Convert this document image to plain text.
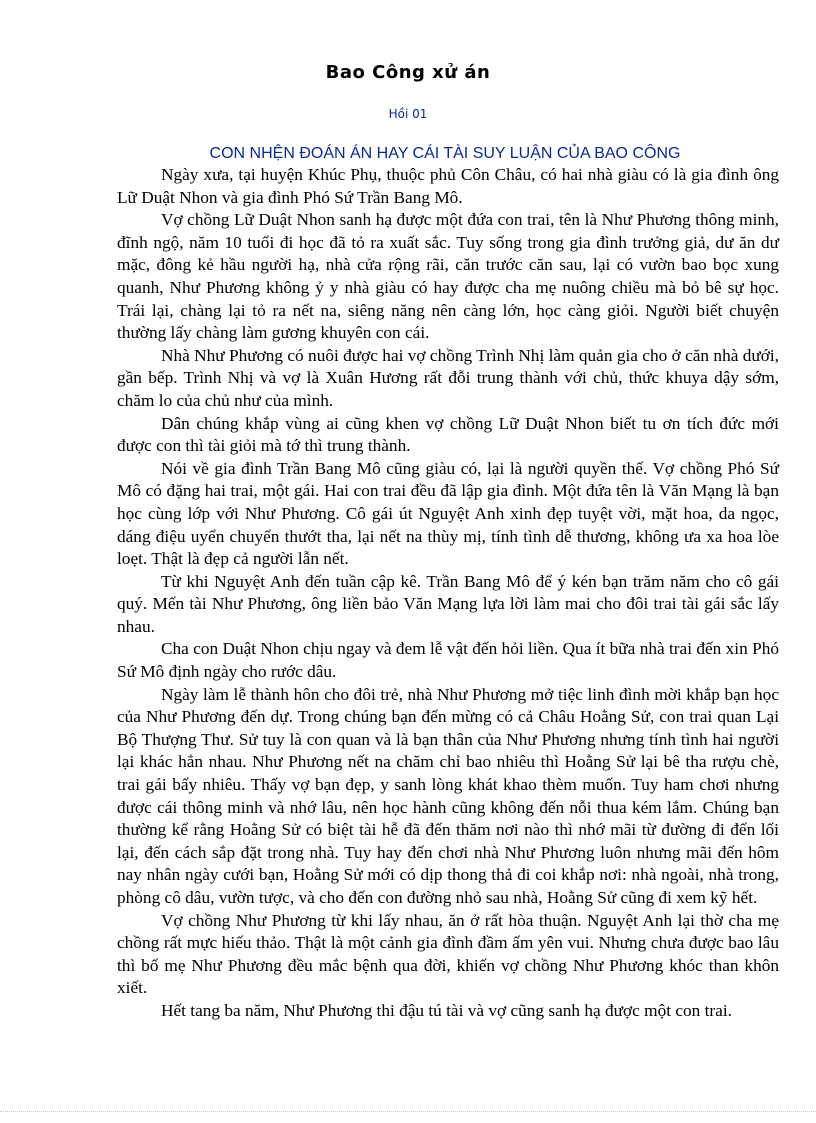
Bao Công xử án
Hồi 01
CON NHỆN ĐOÁN ÁN HAY CÁI TÀI SUY LUẬN CỦA BAO CÔNG

Ngày xưa, tại huyện Khúc Phụ, thuộc phủ Côn Châu, có hai nhà giàu có là gia đình ông Lữ Duật Nhon và gia đình Phó Sứ Trần Bang Mô.

Vợ chồng Lữ Duật Nhon sanh hạ được một đứa con trai, tên là Như Phương thông minh, đĩnh ngộ, năm 10 tuổi đi học đã tỏ ra xuất sắc. Tuy sống trong gia đình trưởng giả, dư ăn dư mặc, đông kẻ hầu người hạ, nhà cửa rộng rãi, căn trước căn sau, lại có vườn bao bọc xung quanh, Như Phương không ỷ y nhà giàu có hay được cha mẹ nuông chiều mà bỏ bê sự học. Trái lại, chàng lại tỏ ra nết na, siêng năng nên càng lớn, học càng giỏi. Người biết chuyện thường lấy chàng làm gương khuyên con cái.

Nhà Như Phương có nuôi được hai vợ chồng Trình Nhị làm quản gia cho ở căn nhà dưới, gần bếp. Trình Nhị và vợ là Xuân Hương rất đỗi trung thành với chủ, thức khuya dậy sớm, chăm lo của chủ như của mình.

Dân chúng khắp vùng ai cũng khen vợ chồng Lữ Duật Nhon biết tu ơn tích đức mới được con thì tài giỏi mà tớ thì trung thành.

Nói về gia đình Trần Bang Mô cũng giàu có, lại là người quyền thế. Vợ chồng Phó Sứ Mô có đặng hai trai, một gái. Hai con trai đều đã lập gia đình. Một đứa tên là Văn Mạng là bạn học cùng lớp với Như Phương. Cô gái út Nguyệt Anh xinh đẹp tuyệt vời, mặt hoa, da ngọc, dáng điệu uyển chuyển thướt tha, lại nết na thùy mị, tính tình dễ thương, không ưa xa hoa lòe loẹt. Thật là đẹp cả người lẫn nết.

Từ khi Nguyệt Anh đến tuần cập kê. Trần Bang Mô để ý kén bạn trăm năm cho cô gái quý. Mến tài Như Phương, ông liền bảo Văn Mạng lựa lời làm mai cho đôi trai tài gái sắc lấy nhau.

Cha con Duật Nhon chịu ngay và đem lễ vật đến hỏi liền. Qua ít bữa nhà trai đến xin Phó Sứ Mô định ngày cho rước dâu.

Ngày làm lễ thành hôn cho đôi trẻ, nhà Như Phương mở tiệc linh đình mời khắp bạn học của Như Phương đến dự. Trong chúng bạn đến mừng có cả Châu Hoằng Sử, con trai quan Lại Bộ Thượng Thư. Sử tuy là con quan và là bạn thân của Như Phương nhưng tính tình hai người lại khác hẳn nhau. Như Phương nết na chăm chỉ bao nhiêu thì Hoằng Sử lại bê tha rượu chè, trai gái bấy nhiêu. Thấy vợ bạn đẹp, y sanh lòng khát khao thèm muốn. Tuy ham chơi nhưng được cái thông minh và nhớ lâu, nên học hành cũng không đến nỗi thua kém lắm. Chúng bạn thường kể rằng Hoằng Sử có biệt tài hễ đã đến thăm nơi nào thì nhớ mãi từ đường đi đến lối lại, đến cách sắp đặt trong nhà. Tuy hay đến chơi nhà Như Phương luôn nhưng mãi đến hôm nay nhân ngày cưới bạn, Hoằng Sử mới có dịp thong thả đi coi khắp nơi: nhà ngoài, nhà trong, phòng cô dâu, vườn tược, và cho đến con đường nhỏ sau nhà, Hoằng Sử cũng đi xem kỹ hết.

Vợ chồng Như Phương từ khi lấy nhau, ăn ở rất hòa thuận. Nguyệt Anh lại thờ cha mẹ chồng rất mực hiếu thảo. Thật là một cảnh gia đình đầm ấm yên vui. Nhưng chưa được bao lâu thì bố mẹ Như Phương đều mắc bệnh qua đời, khiến vợ chồng Như Phương khóc than khôn xiết.

Hết tang ba năm, Như Phương thi đậu tú tài và vợ cũng sanh hạ được một con trai.
